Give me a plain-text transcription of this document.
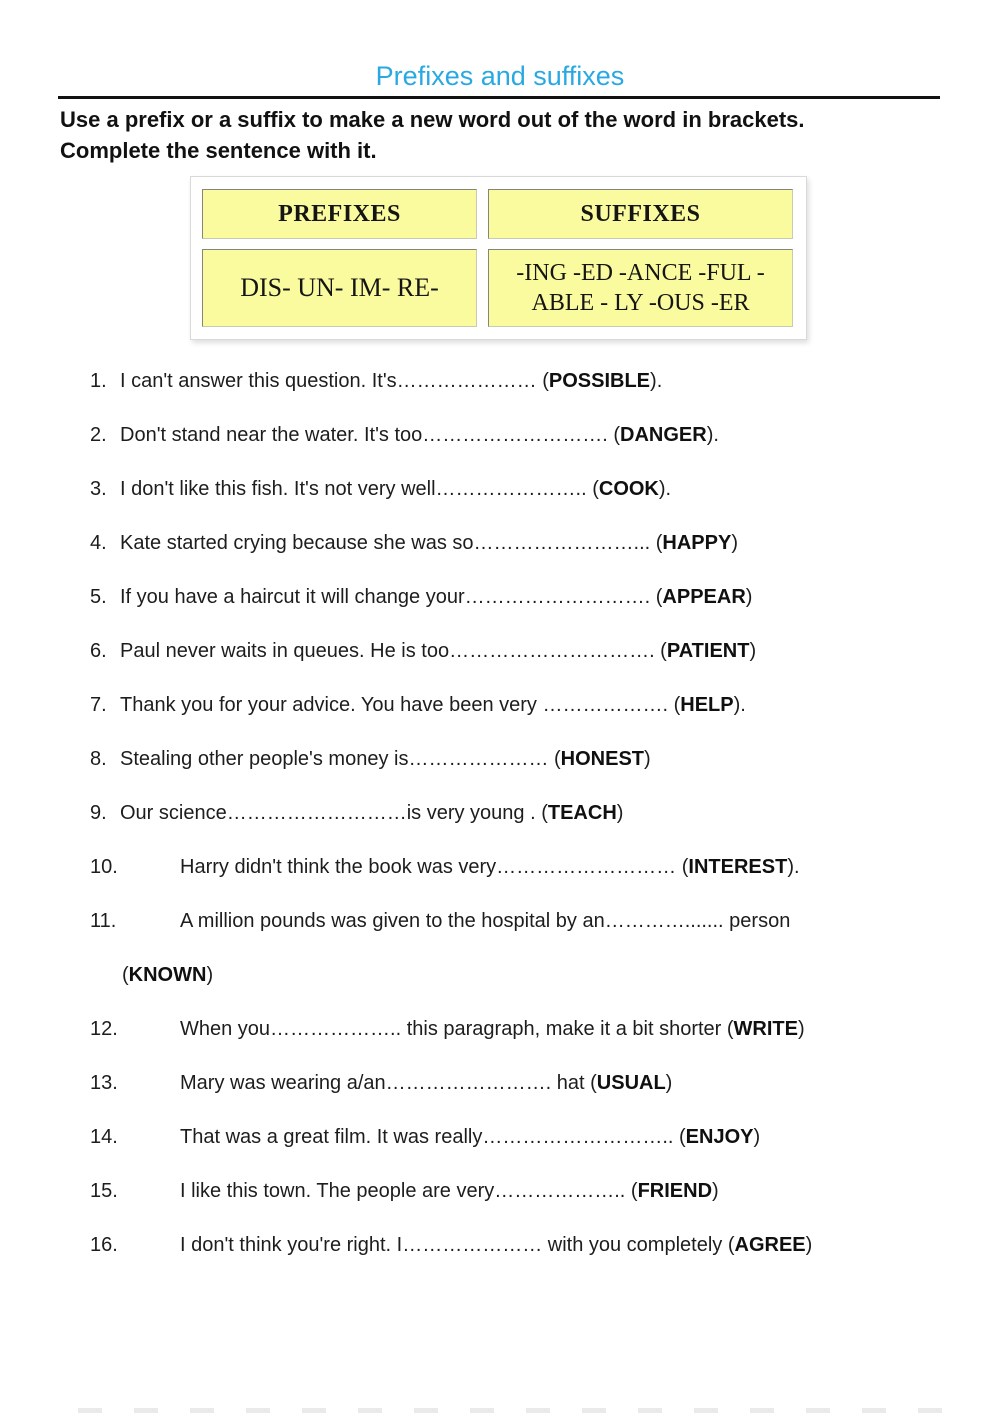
Prefixes and suffixes
Use a prefix or a suffix to make a new word out of the word in brackets.
Complete the sentence with it.
PREFIXES	SUFFIXES
DIS- UN- IM- RE-	-ING -ED -ANCE -FUL - ABLE - LY -OUS -ER
1. I can't answer this question. It's………………… (POSSIBLE).
2. Don't stand near the water. It's too………………………. (DANGER).
3. I don't like this fish. It's not very well………………….. (COOK).
4. Kate started crying because she was so……………………... (HAPPY)
5. If you have a haircut it will change your………………………. (APPEAR)
6. Paul never waits in queues. He is too…………………………. (PATIENT)
7. Thank you for your advice. You have been very ………………. (HELP).
8. Stealing other people's money is………………… (HONEST)
9. Our science………………………is very young . (TEACH)
10.	Harry didn't think the book was very……………………… (INTEREST).
11.	A million pounds was given to the hospital by an…………....... person
( KNOWN )
12.	When you……………….. this paragraph, make it a bit shorter (WRITE)
13.	Mary was wearing a/an……………………. hat (USUAL)
14.	That was a great film. It was really……………………….. (ENJOY)
15.	I like this town. The people are very……………….. (FRIEND)
16.	I don't think you're right. I………………… with you completely (AGREE)
